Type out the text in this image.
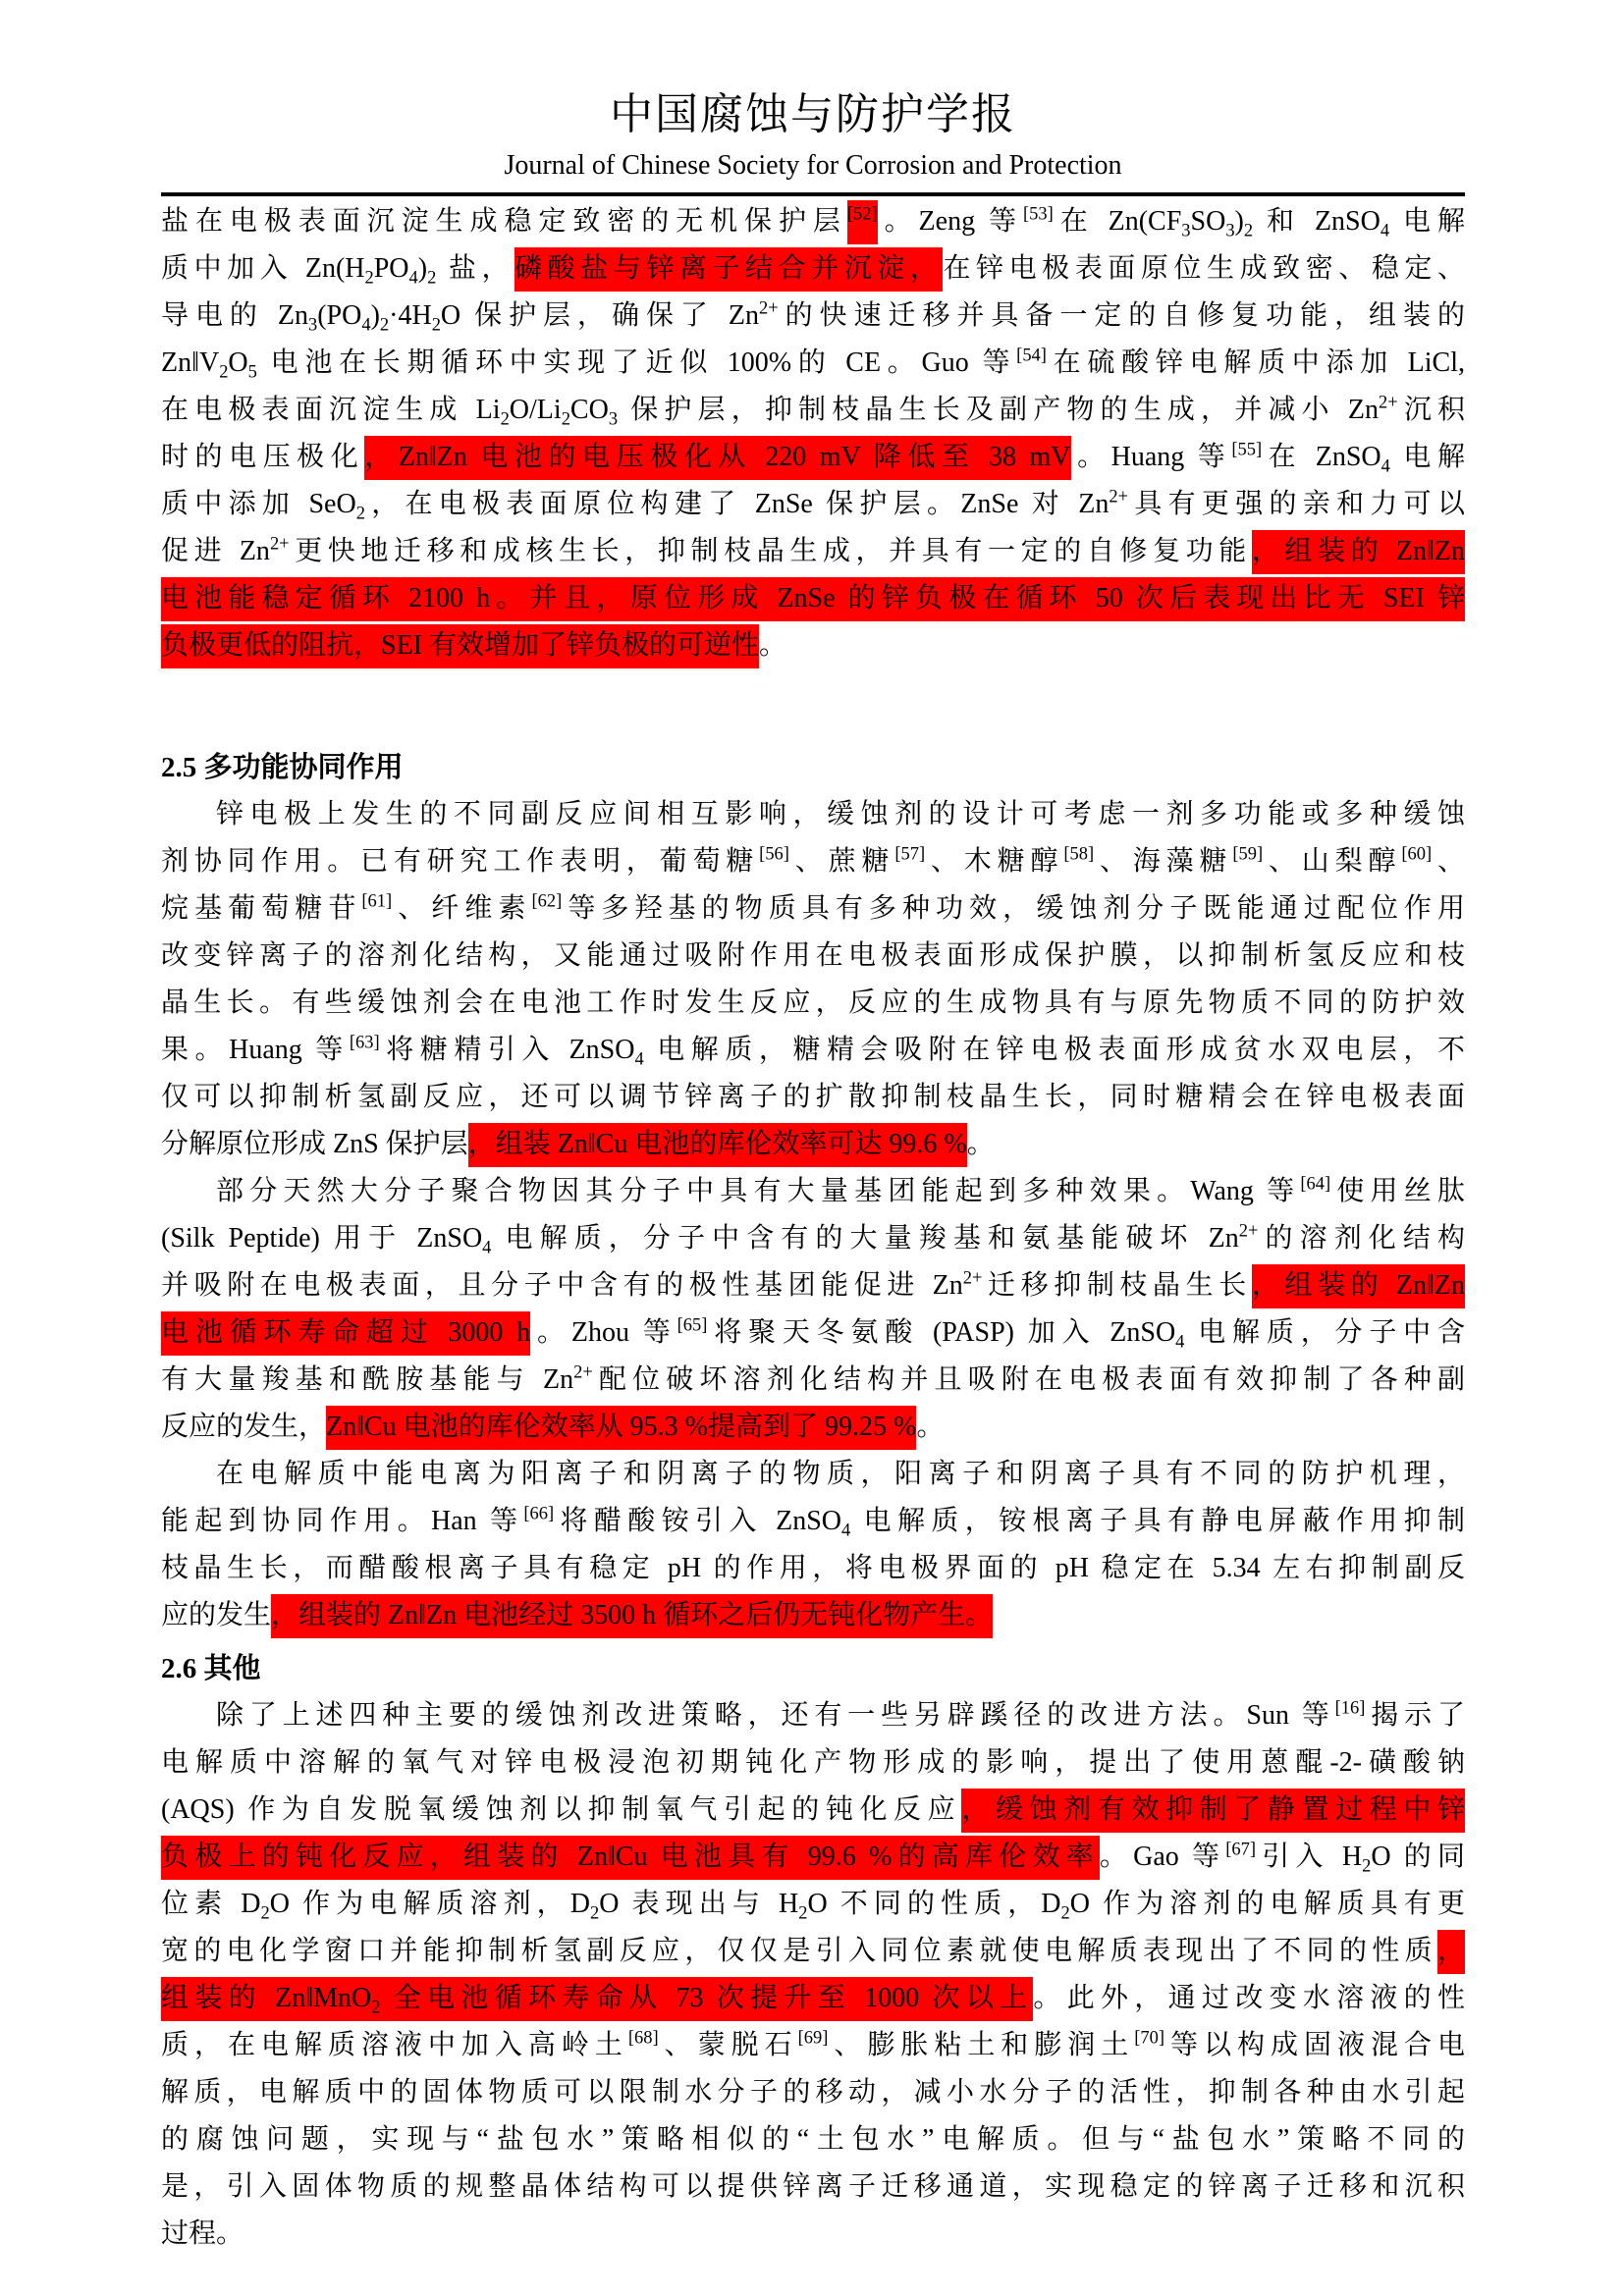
中国腐蚀与防护学报
Journal of Chinese Society for Corrosion and Protection
盐在电极表面沉淀生成稳定致密的无机保护层[52]。Zeng 等[53]在 $Zn(CF_3SO_3)_2$ 和 ZnSO$_4$ 电解
质中加入 $Zn(H_2PO_4)_2$ 盐，磷酸盐与锌离子结合并沉淀，在锌电极表面原位生成致密、稳定、
导电的 $Zn_3(PO_4)_2\cdot 4H_2O$ 保护层，确保了 $Zn^{2+}$的快速迁移并具备一定的自修复功能，组装的
$Zn‖V_2O_5$ 电池在长期循环中实现了近似 100%的 CE。Guo 等[54]在硫酸锌电解质中添加 LiCl,
在电极表面沉淀生成 $Li_2O/Li_2CO_3$ 保护层，抑制枝晶生长及副产物的生成，并减小 $Zn^{2+}$沉积
时的电压极化，Zn‖Zn 电池的电压极化从 220 mV 降低至 38 mV。Huang 等[55]在 ZnSO$_4$ 电解
质中添加 SeO$_2$，在电极表面原位构建了 ZnSe 保护层。ZnSe 对 $Zn^{2+}$具有更强的亲和力可以
促进 $Zn^{2+}$更快地迁移和成核生长，抑制枝晶生成，并具有一定的自修复功能，组装的 Zn‖Zn
电池能稳定循环 2100 h。并且，原位形成 ZnSe 的锌负极在循环 50 次后表现出比无 SEI 锌
负极更低的阻抗，SEI 有效增加了锌负极的可逆性。
2.5 多功能协同作用
锌电极上发生的不同副反应间相互影响，缓蚀剂的设计可考虑一剂多功能或多种缓蚀
剂协同作用。已有研究工作表明，葡萄糖[56]、蔗糖[57]、木糖醇[58]、海藻糖[59]、山梨醇[60]、
烷基葡萄糖苷[61]、纤维素[62]等多羟基的物质具有多种功效，缓蚀剂分子既能通过配位作用
改变锌离子的溶剂化结构，又能通过吸附作用在电极表面形成保护膜，以抑制析氢反应和枝
晶生长。有些缓蚀剂会在电池工作时发生反应，反应的生成物具有与原先物质不同的防护效
果。Huang 等[63]将糖精引入 ZnSO$_4$ 电解质，糖精会吸附在锌电极表面形成贫水双电层，不
仅可以抑制析氢副反应，还可以调节锌离子的扩散抑制枝晶生长，同时糖精会在锌电极表面
分解原位形成 ZnS 保护层，组装 Zn‖Cu 电池的库伦效率可达 99.6 %。
部分天然大分子聚合物因其分子中具有大量基团能起到多种效果。Wang 等[64]使用丝肽
(Silk Peptide) 用于 ZnSO$_4$ 电解质，分子中含有的大量羧基和氨基能破坏 $Zn^{2+}$的溶剂化结构
并吸附在电极表面，且分子中含有的极性基团能促进 $Zn^{2+}$迁移抑制枝晶生长，组装的 Zn‖Zn
电池循环寿命超过 3000 h。Zhou 等[65]将聚天冬氨酸 (PASP) 加入 ZnSO$_4$ 电解质，分子中含
有大量羧基和酰胺基能与 $Zn^{2+}$配位破坏溶剂化结构并且吸附在电极表面有效抑制了各种副
反应的发生，Zn‖Cu 电池的库伦效率从 95.3 %提高到了 99.25 %。
在电解质中能电离为阳离子和阴离子的物质，阳离子和阴离子具有不同的防护机理，
能起到协同作用。Han 等[66]将醋酸铵引入 ZnSO$_4$ 电解质，铵根离子具有静电屏蔽作用抑制
枝晶生长，而醋酸根离子具有稳定 pH 的作用，将电极界面的 pH 稳定在 5.34 左右抑制副反
应的发生，组装的 Zn‖Zn 电池经过 3500 h 循环之后仍无钝化物产生。
2.6 其他
除了上述四种主要的缓蚀剂改进策略，还有一些另辟蹊径的改进方法。Sun 等[16]揭示了
电解质中溶解的氧气对锌电极浸泡初期钝化产物形成的影响，提出了使用蒽醌-2-磺酸钠
(AQS) 作为自发脱氧缓蚀剂以抑制氧气引起的钝化反应，缓蚀剂有效抑制了静置过程中锌
负极上的钝化反应，组装的 Zn‖Cu 电池具有 99.6 %的高库伦效率。Gao 等[67]引入 $H_2O$ 的同
位素 $D_2O$ 作为电解质溶剂，$D_2O$ 表现出与 $H_2O$ 不同的性质，$D_2O$ 作为溶剂的电解质具有更
宽的电化学窗口并能抑制析氢副反应，仅仅是引入同位素就使电解质表现出了不同的性质，
组装的 Zn‖MnO$_2$ 全电池循环寿命从 73 次提升至 1000 次以上。此外，通过改变水溶液的性
质，在电解质溶液中加入高岭土[68]、蒙脱石[69]、膨胀粘土和膨润土[70]等以构成固液混合电
解质，电解质中的固体物质可以限制水分子的移动，减小水分子的活性，抑制各种由水引起
的腐蚀问题，实现与“盐包水”策略相似的“土包水”电解质。但与“盐包水”策略不同的
是，引入固体物质的规整晶体结构可以提供锌离子迁移通道，实现稳定的锌离子迁移和沉积
过程。
